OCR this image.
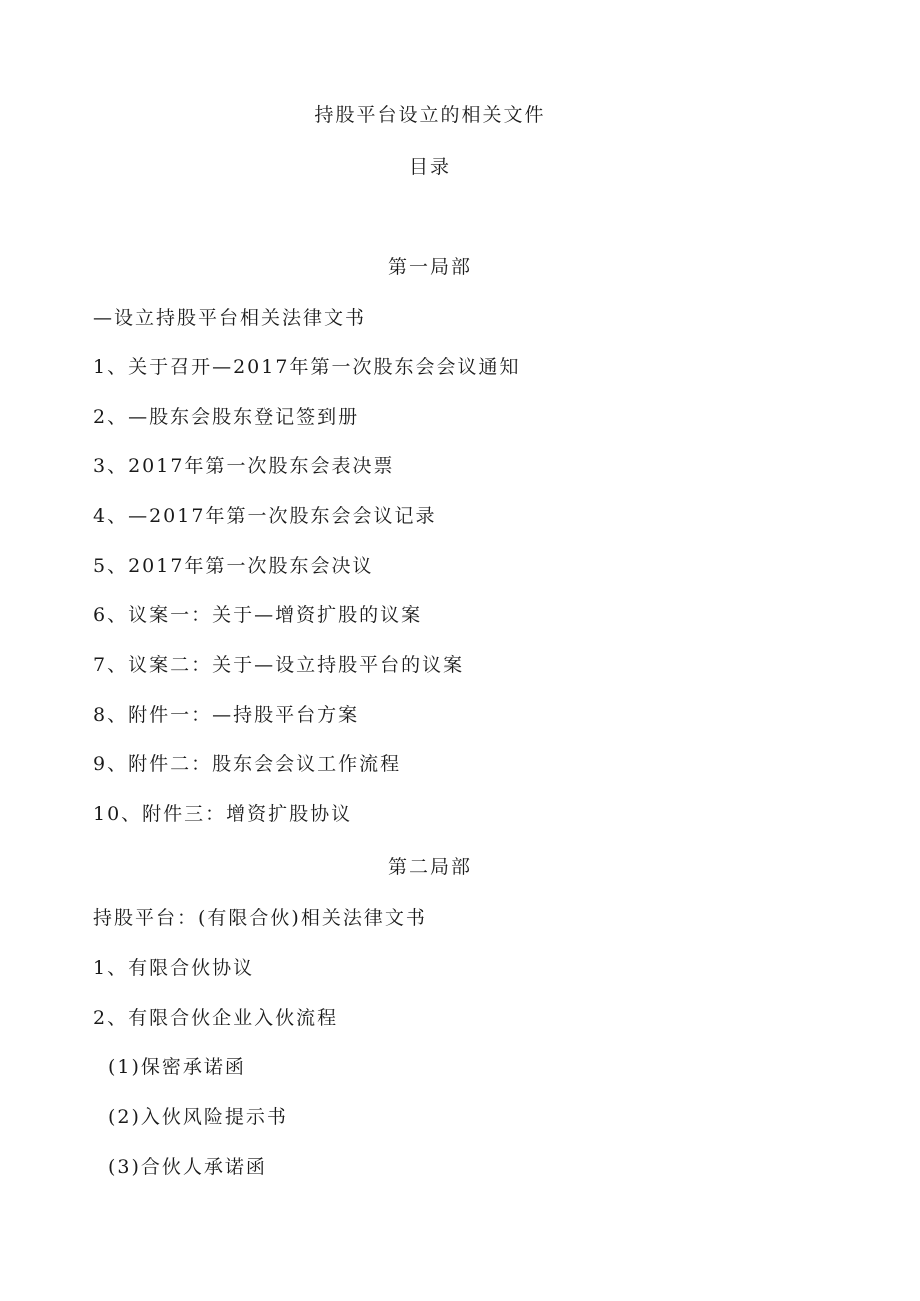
持股平台设立的相关文件
目录
第一局部
—设立持股平台相关法律文书
1、关于召开—2017年第一次股东会会议通知
2、—股东会股东登记签到册
3、2017年第一次股东会表决票
4、—2017年第一次股东会会议记录
5、2017年第一次股东会决议
6、议案一：关于—增资扩股的议案
7、议案二：关于—设立持股平台的议案
8、附件一：—持股平台方案
9、附件二：股东会会议工作流程
10、附件三：增资扩股协议
第二局部
持股平台：(有限合伙)相关法律文书
1、有限合伙协议
2、有限合伙企业入伙流程
(1)保密承诺函
(2)入伙风险提示书
(3)合伙人承诺函
